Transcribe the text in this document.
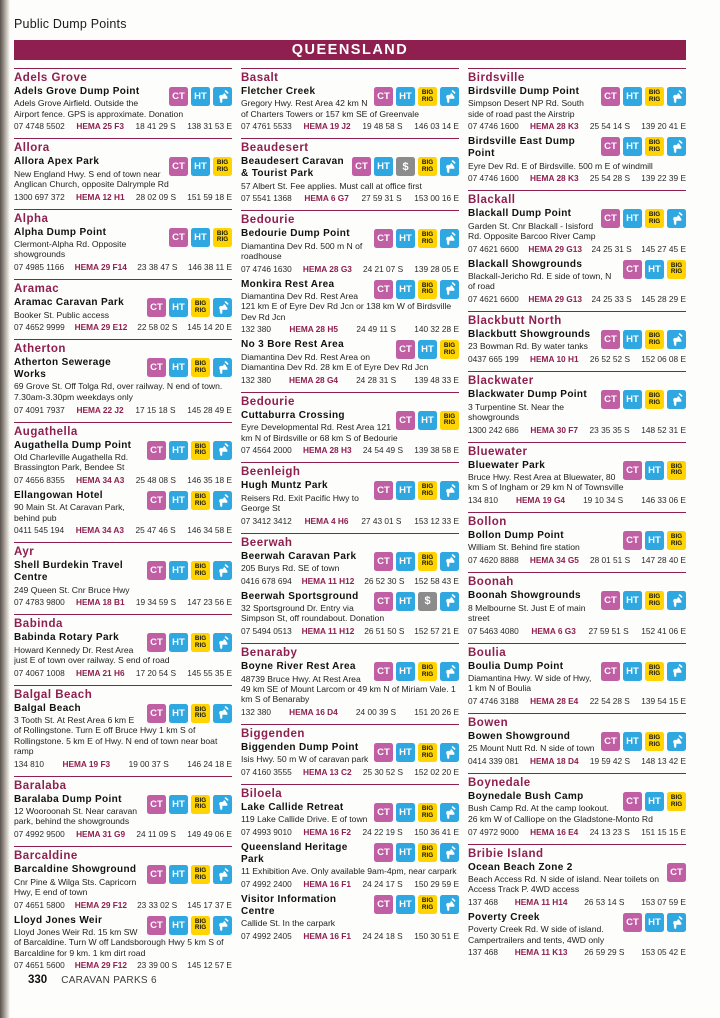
Public Dump Points
QUEENSLAND
Adels Grove
CT HT
Adels Grove Dump Point
Adels Grove Airfield. Outside the Airport fence. GPS is approximate. Donation
07 4748 5502 HEMA 25 F3 18 41 29 S 138 31 53 E
Allora
CT HT	BIG
RIG
Allora Apex Park
New England Hwy. S end of town near Anglican Church, opposite Dalrymple Rd
1300 697 372 HEMA 12 H1 28 02 09 S 151 59 18 E
Alpha
CT HT	BIG
RIG
Alpha Dump Point
Clermont-Alpha Rd. Opposite showgrounds
07 4985 1166 HEMA 29 F14 23 38 47 S 146 38 11 E
Aramac
CT HT	BIG
RIG
Aramac Caravan Park
Booker St. Public access
07 4652 9999 HEMA 29 E12 22 58 02 S 145 14 20 E
Atherton
CT HT	BIG
RIG
Atherton Sewerage Works
69 Grove St. Off Tolga Rd, over railway. N end of town. 7.30am-3.30pm weekdays only
07 4091 7937 HEMA 22 J2 17 15 18 S 145 28 49 E
Augathella
CT HT	BIG
RIG
Augathella Dump Point
Old Charleville Augathella Rd. Brassington Park, Bendee St
07 4656 8355 HEMA 34 A3 25 48 08 S 146 35 18 E
CT HT	BIG
RIG
Ellangowan Hotel
90 Main St. At Caravan Park, behind pub
0411 545 194 HEMA 34 A3 25 47 46 S 146 34 58 E
Ayr
CT HT	BIG
RIG
Shell Burdekin Travel Centre
249 Queen St. Cnr Bruce Hwy
07 4783 9800 HEMA 18 B1 19 34 59 S 147 23 56 E
Babinda
CT HT	BIG
RIG
Babinda Rotary Park
Howard Kennedy Dr. Rest Area just E of town over railway. S end of road
07 4067 1008 HEMA 21 H6 17 20 54 S 145 55 35 E
Balgal Beach
CT HT	BIG
RIG
Balgal Beach
3 Tooth St. At Rest Area 6 km E of Rollingstone. Turn E off Bruce Hwy 1 km S of Rollingstone. 5 km E of Hwy. N end of town near boat ramp
134 810 HEMA 19 F3 19 00 37 S 146 24 18 E
Baralaba
CT HT	BIG
RIG
Baralaba Dump Point
12 Wooroonah St. Near caravan park, behind the showgrounds
07 4992 9500 HEMA 31 G9 24 11 09 S 149 49 06 E
Barcaldine
CT HT	BIG
RIG
Barcaldine Showground
Cnr Pine & Wilga Sts. Capricorn Hwy, E end of town
07 4651 5800 HEMA 29 F12 23 33 02 S 145 17 37 E
CT HT	BIG
RIG
Lloyd Jones Weir
Lloyd Jones Weir Rd. 15 km SW of Barcaldine. Turn W off Landsborough Hwy 5 km S of Barcaldine for 9 km. 1 km dirt road
07 4651 5600 HEMA 29 F12 23 39 00 S 145 12 57 E
Basalt
CT HT	BIG
RIG
Fletcher Creek
Gregory Hwy. Rest Area 42 km N of Charters Towers or 157 km SE of Greenvale
07 4761 5533 HEMA 19 J2 19 48 58 S 146 03 14 E
Beaudesert
CT HT	$	BIG
RIG
Beaudesert Caravan & Tourist Park
57 Albert St. Fee applies. Must call at office first
07 5541 1368 HEMA 6 G7 27 59 31 S 153 00 16 E
Bedourie
CT HT	BIG
RIG
Bedourie Dump Point
Diamantina Dev Rd. 500 m N of roadhouse
07 4746 1630 HEMA 28 G3 24 21 07 S 139 28 05 E
CT HT	BIG
RIG
Monkira Rest Area
Diamantina Dev Rd. Rest Area 121 km E of Eyre Dev Rd Jcn or 138 km W of Birdsville Dev Rd Jcn
132 380 HEMA 28 H5 24 49 11 S 140 32 28 E
CT HT	BIG
RIG
No 3 Bore Rest Area
Diamantina Dev Rd. Rest Area on Diamantina Dev Rd. 28 km E of Eyre Dev Rd Jcn
132 380 HEMA 28 G4 24 28 31 S 139 48 33 E
Bedourie
CT HT	BIG
RIG
Cuttaburra Crossing
Eyre Developmental Rd. Rest Area 121 km N of Birdsville or 68 km S of Bedourie
07 4564 2000 HEMA 28 H3 24 54 49 S 139 38 58 E
Beenleigh
CT HT	BIG
RIG
Hugh Muntz Park
Reisers Rd. Exit Pacific Hwy to George St
07 3412 3412 HEMA 4 H6 27 43 01 S 153 12 33 E
Beerwah
CT HT	BIG
RIG
Beerwah Caravan Park
205 Burys Rd. SE of town
0416 678 694 HEMA 11 H12 26 52 30 S 152 58 43 E
CT HT	$
Beerwah Sportsground
32 Sportsground Dr. Entry via Simpson St, off roundabout. Donation
07 5494 0513 HEMA 11 H12 26 51 50 S 152 57 21 E
Benaraby
CT HT	BIG
RIG
Boyne River Rest Area
48739 Bruce Hwy. At Rest Area 49 km SE of Mount Larcom or 49 km N of Miriam Vale. 1 km S of Benaraby
132 380 HEMA 16 D4 24 00 39 S 151 20 26 E
Biggenden
CT HT	BIG
RIG
Biggenden Dump Point
Isis Hwy. 50 m W of caravan park
07 4160 3555 HEMA 13 C2 25 30 52 S 152 02 20 E
Biloela
CT HT	BIG
RIG
Lake Callide Retreat
119 Lake Callide Drive. E of town
07 4993 9010 HEMA 16 F2 24 22 19 S 150 36 41 E
CT HT	BIG
RIG
Queensland Heritage Park
11 Exhibition Ave. Only available 9am-4pm, near carpark
07 4992 2400 HEMA 16 F1 24 24 17 S 150 29 59 E
CT HT	BIG
RIG
Visitor Information Centre
Callide St. In the carpark
07 4992 2405 HEMA 16 F1 24 24 18 S 150 30 51 E
Birdsville
CT HT	BIG
RIG
Birdsville Dump Point
Simpson Desert NP Rd. South side of road past the Airstrip
07 4746 1600 HEMA 28 K3 25 54 14 S 139 20 41 E
CT HT	BIG
RIG
Birdsville East Dump Point
Eyre Dev Rd. E of Birdsville. 500 m E of windmill
07 4746 1600 HEMA 28 K3 25 54 28 S 139 22 39 E
Blackall
CT HT	BIG
RIG
Blackall Dump Point
Garden St. Cnr Blackall - Isisford Rd. Opposite Barcoo River Camp
07 4621 6600 HEMA 29 G13 24 25 31 S 145 27 45 E
CT HT	BIG
RIG
Blackall Showgrounds
Blackall-Jericho Rd. E side of town, N of road
07 4621 6600 HEMA 29 G13 24 25 33 S 145 28 29 E
Blackbutt North
CT HT	BIG
RIG
Blackbutt Showgrounds
23 Bowman Rd. By water tanks
0437 665 199 HEMA 10 H1 26 52 52 S 152 06 08 E
Blackwater
CT HT	BIG
RIG
Blackwater Dump Point
3 Turpentine St. Near the showgrounds
1300 242 686 HEMA 30 F7 23 35 35 S 148 52 31 E
Bluewater
CT HT	BIG
RIG
Bluewater Park
Bruce Hwy. Rest Area at Bluewater, 80 km S of Ingham or 29 km N of Townsville
134 810 HEMA 19 G4 19 10 34 S 146 33 06 E
Bollon
CT HT	BIG
RIG
Bollon Dump Point
William St. Behind fire station
07 4620 8888 HEMA 34 G5 28 01 51 S 147 28 40 E
Boonah
CT HT	BIG
RIG
Boonah Showgrounds
8 Melbourne St. Just E of main street
07 5463 4080 HEMA 6 G3 27 59 51 S 152 41 06 E
Boulia
CT HT	BIG
RIG
Boulia Dump Point
Diamantina Hwy. W side of Hwy, 1 km N of Boulia
07 4746 3188 HEMA 28 E4 22 54 28 S 139 54 15 E
Bowen
CT HT	BIG
RIG
Bowen Showground
25 Mount Nutt Rd. N side of town
0414 339 081 HEMA 18 D4 19 59 42 S 148 13 42 E
Boynedale
CT HT	BIG
RIG
Boynedale Bush Camp
Bush Camp Rd. At the camp lookout. 26 km W of Calliope on the Gladstone-Monto Rd
07 4972 9000 HEMA 16 E4 24 13 23 S 151 15 15 E
Bribie Island
CT
Ocean Beach Zone 2
Beach Access Rd. N side of island. Near toilets on Access Track P. 4WD access
137 468 HEMA 11 H14 26 53 14 S 153 07 59 E
CT HT
Poverty Creek
Poverty Creek Rd. W side of island. Campertrailers and tents, 4WD only
137 468 HEMA 11 K13 26 59 29 S 153 05 42 E
330 CARAVAN PARKS 6
